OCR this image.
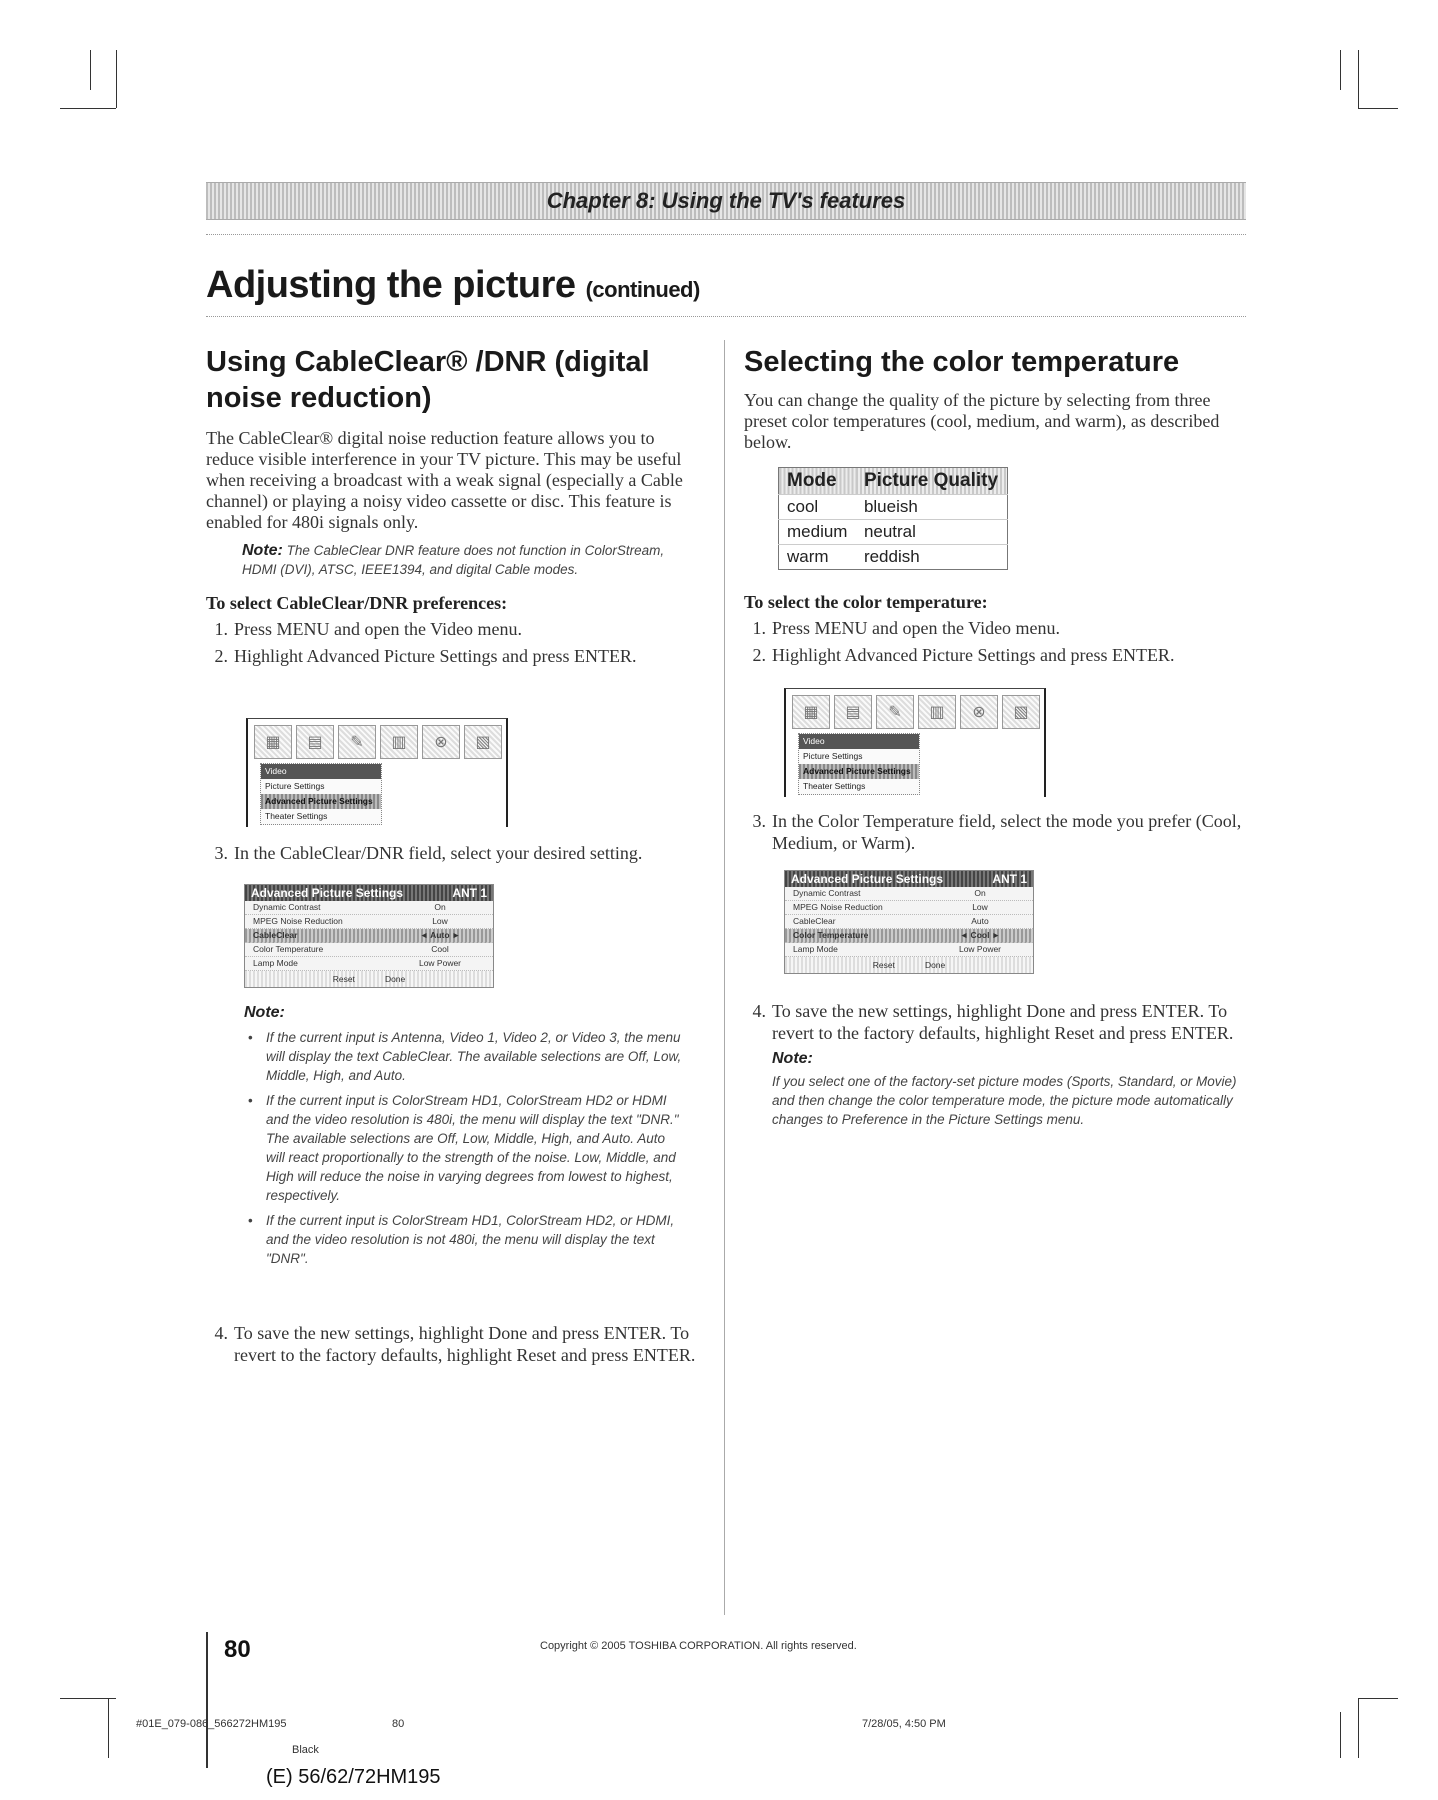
Chapter 8: Using the TV's features
Adjusting the picture (continued)
Using CableClear® /DNR (digital noise reduction)

The CableClear® digital noise reduction feature allows you to reduce visible interference in your TV picture. This may be useful when receiving a broadcast with a weak signal (especially a Cable channel) or playing a noisy video cassette or disc. This feature is enabled for 480i signals only.

Note: The CableClear DNR feature does not function in ColorStream, HDMI (DVI), ATSC, IEEE1394, and digital Cable modes.

To select CableClear/DNR preferences:

1. Press MENU and open the Video menu.
2. Highlight Advanced Picture Settings and press ENTER.
▦	▤	✎	▥	⊗	▧
Video
Picture Settings
Advanced Picture Settings
Theater Settings
3. In the CableClear/DNR field, select your desired setting.
Advanced Picture Settings	ANT 1
Dynamic Contrast	On
MPEG Noise Reduction	Low
CableClear	◄ Auto ►
Color Temperature	Cool
Lamp Mode	Low Power
Reset	Done
Note:
• If the current input is Antenna, Video 1, Video 2, or Video 3, the menu will display the text CableClear. The available selections are Off, Low, Middle, High, and Auto.
• If the current input is ColorStream HD1, ColorStream HD2 or HDMI and the video resolution is 480i, the menu will display the text "DNR." The available selections are Off, Low, Middle, High, and Auto. Auto will react proportionally to the strength of the noise. Low, Middle, and High will reduce the noise in varying degrees from lowest to highest, respectively.
• If the current input is ColorStream HD1, ColorStream HD2, or HDMI, and the video resolution is not 480i, the menu will display the text "DNR".
4. To save the new settings, highlight Done and press ENTER. To revert to the factory defaults, highlight Reset and press ENTER.
Selecting the color temperature

You can change the quality of the picture by selecting from three preset color temperatures (cool, medium, and warm), as described below.

Mode	Picture Quality
cool	blueish
medium	neutral
warm	reddish

To select the color temperature:

1. Press MENU and open the Video menu.
2. Highlight Advanced Picture Settings and press ENTER.
▦	▤	✎	▥	⊗	▧
Video
Picture Settings
Advanced Picture Settings
Theater Settings
3. In the Color Temperature field, select the mode you prefer (Cool, Medium, or Warm).
Advanced Picture Settings	ANT 1
Dynamic Contrast	On
MPEG Noise Reduction	Low
CableClear	Auto
Color Temperature	◄ Cool ►
Lamp Mode	Low Power
Reset	Done
4. To save the new settings, highlight Done and press ENTER. To revert to the factory defaults, highlight Reset and press ENTER.
Note:
If you select one of the factory-set picture modes (Sports, Standard, or Movie) and then change the color temperature mode, the picture mode automatically changes to Preference in the Picture Settings menu.
80	Copyright © 2005 TOSHIBA CORPORATION. All rights reserved.
#01E_079-086_566272HM195	80	7/28/05, 4:50 PM
Black
(E) 56/62/72HM195
